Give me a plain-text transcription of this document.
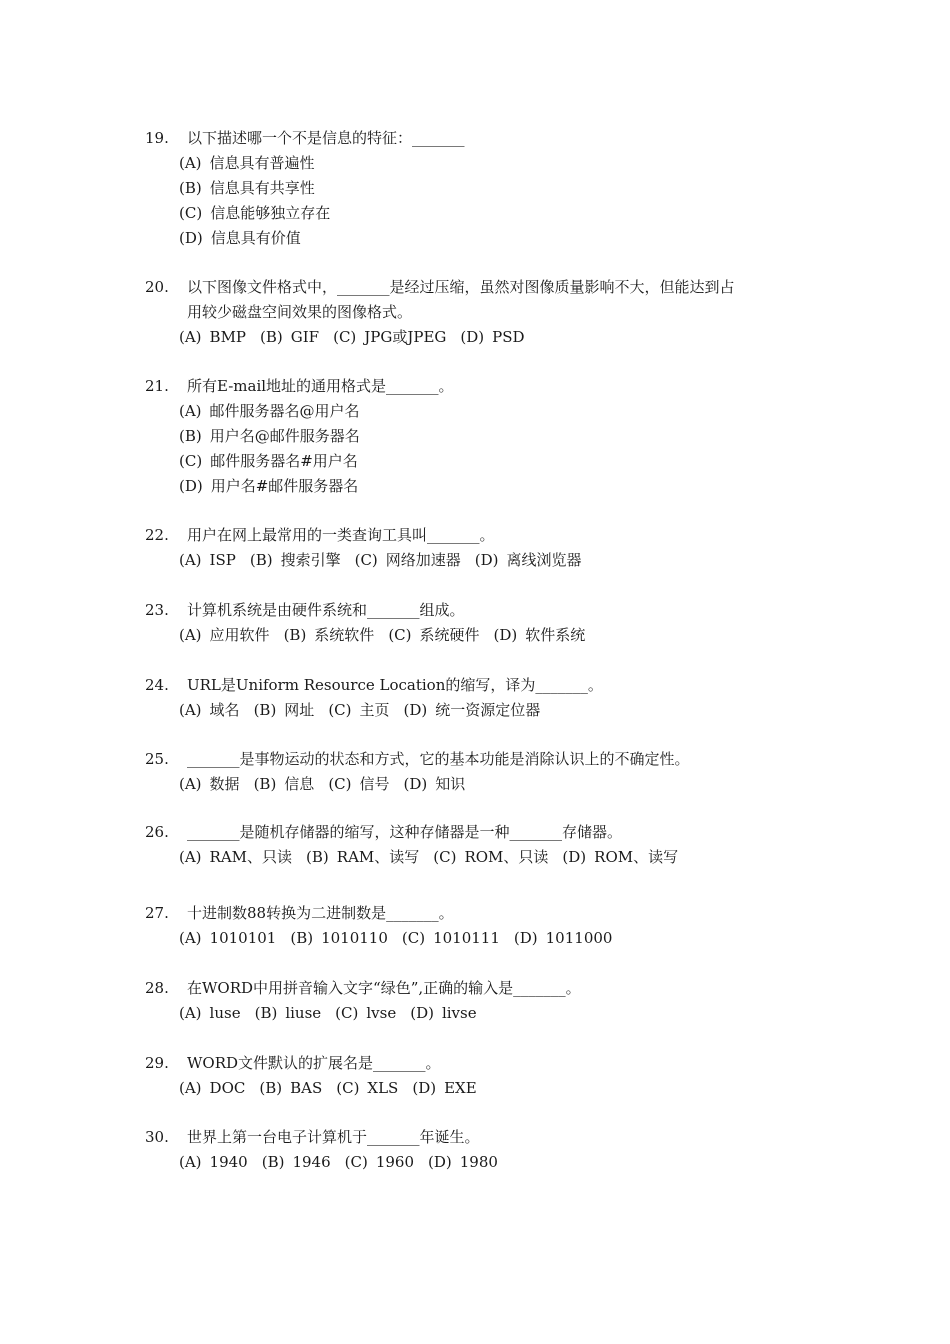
19. 以下描述哪一个不是信息的特征：_______
(A) 信息具有普遍性
(B) 信息具有共享性
(C) 信息能够独立存在
(D) 信息具有价值
20. 以下图像文件格式中，_______是经过压缩，虽然对图像质量影响不大，但能达到占
用较少磁盘空间效果的图像格式。
(A) BMP (B) GIF (C) JPG或JPEG (D) PSD
21. 所有E-mail地址的通用格式是_______。
(A) 邮件服务器名@用户名
(B) 用户名@邮件服务器名
(C) 邮件服务器名#用户名
(D) 用户名#邮件服务器名
22. 用户在网上最常用的一类查询工具叫_______。
(A) ISP (B) 搜索引擎 (C) 网络加速器 (D) 离线浏览器
23. 计算机系统是由硬件系统和_______组成。
(A) 应用软件 (B) 系统软件 (C) 系统硬件 (D) 软件系统
24. URL是Uniform Resource Location的缩写，译为_______。
(A) 域名 (B) 网址 (C) 主页 (D) 统一资源定位器
25. _______是事物运动的状态和方式，它的基本功能是消除认识上的不确定性。
(A) 数据 (B) 信息 (C) 信号 (D) 知识
26. _______是随机存储器的缩写，这种存储器是一种_______存储器。
(A) RAM、只读 (B) RAM、读写 (C) ROM、只读 (D) ROM、读写
27. 十进制数88转换为二进制数是_______。
(A) 1010101 (B) 1010110 (C) 1010111 (D) 1011000
28. 在WORD中用拼音输入文字“绿色”,正确的输入是_______。
(A) luse (B) liuse (C) lvse (D) livse
29. WORD文件默认的扩展名是_______。
(A) DOC (B) BAS (C) XLS (D) EXE
30. 世界上第一台电子计算机于_______年诞生。
(A) 1940 (B) 1946 (C) 1960 (D) 1980
